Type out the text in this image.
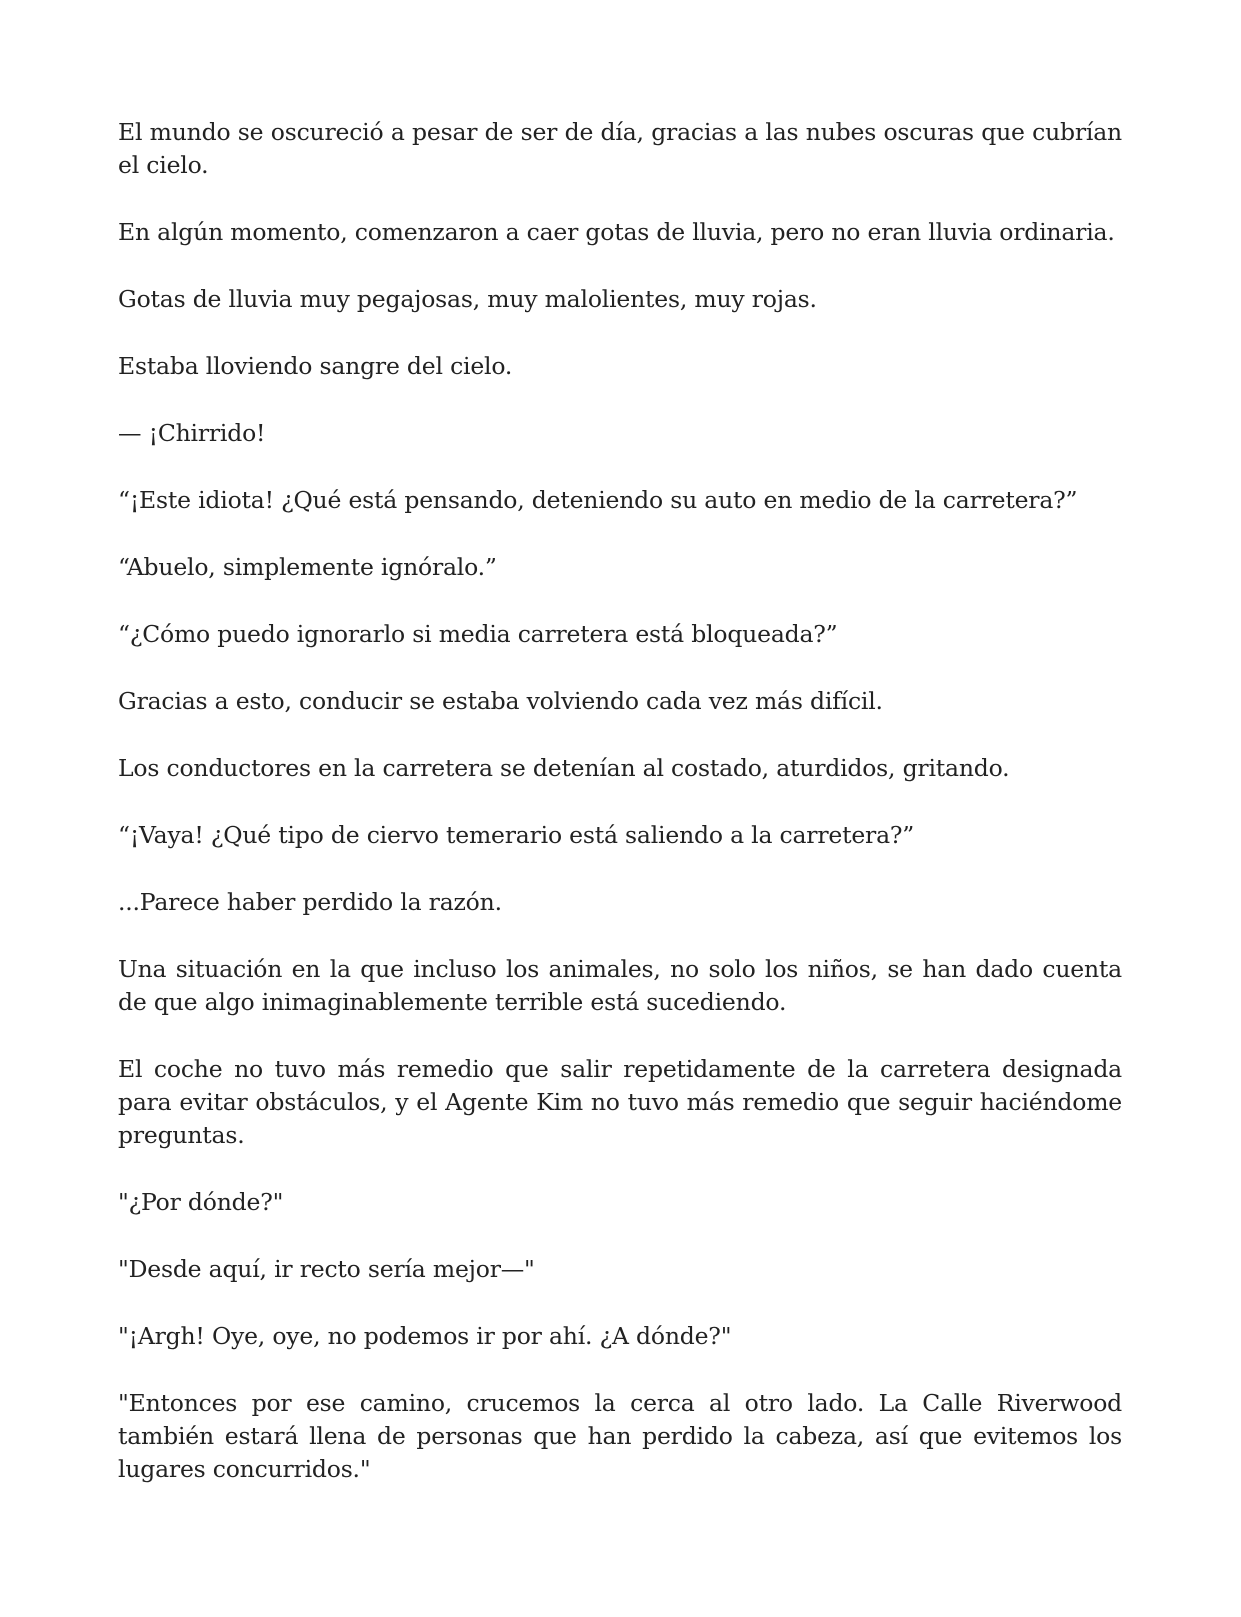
El mundo se oscureció a pesar de ser de día, gracias a las nubes oscuras que cubrían el cielo.

En algún momento, comenzaron a caer gotas de lluvia, pero no eran lluvia ordinaria.

Gotas de lluvia muy pegajosas, muy malolientes, muy rojas.

Estaba lloviendo sangre del cielo.

— ¡Chirrido!

“¡Este idiota! ¿Qué está pensando, deteniendo su auto en medio de la carretera?”

“Abuelo, simplemente ignóralo.”

“¿Cómo puedo ignorarlo si media carretera está bloqueada?”

Gracias a esto, conducir se estaba volviendo cada vez más difícil.

Los conductores en la carretera se detenían al costado, aturdidos, gritando.

“¡Vaya! ¿Qué tipo de ciervo temerario está saliendo a la carretera?”

...Parece haber perdido la razón.

Una situación en la que incluso los animales, no solo los niños, se han dado cuenta de que algo inimaginablemente terrible está sucediendo.

El coche no tuvo más remedio que salir repetidamente de la carretera designada para evitar obstáculos, y el Agente Kim no tuvo más remedio que seguir haciéndome preguntas.

"¿Por dónde?"

"Desde aquí, ir recto sería mejor—"

"¡Argh! Oye, oye, no podemos ir por ahí. ¿A dónde?"

"Entonces por ese camino, crucemos la cerca al otro lado. La Calle Riverwood también estará llena de personas que han perdido la cabeza, así que evitemos los lugares concurridos."
